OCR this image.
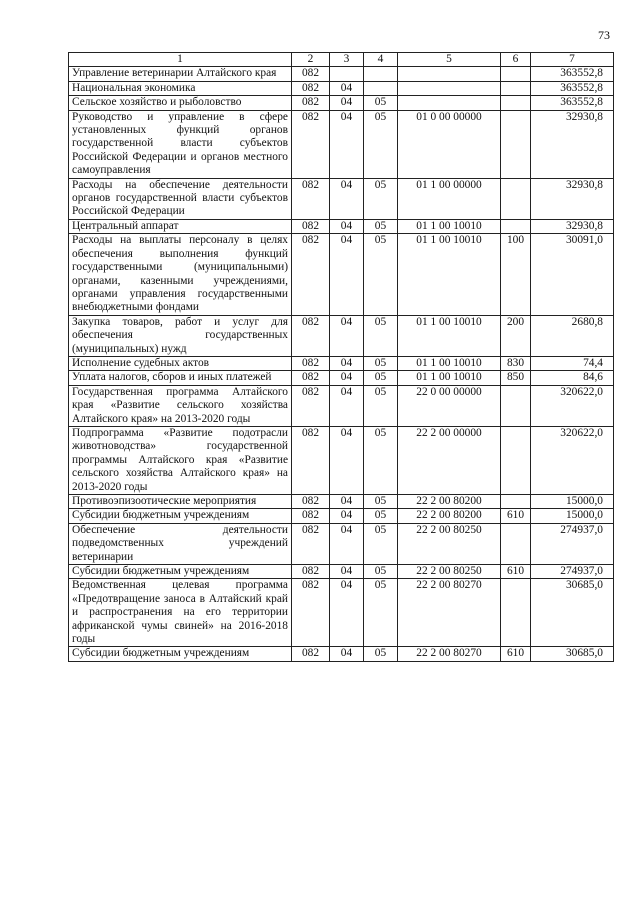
73
1	2	3	4	5	6	7
Управление ветеринарии Алтайского края	082					363552,8
Национальная экономика	082	04				363552,8
Сельское хозяйство и рыболовство	082	04	05			363552,8
Руководство и управление в сфере установленных функций органов государственной власти субъектов Российской Федерации и органов местного самоуправления	082	04	05	01 0 00 00000		32930,8
Расходы на обеспечение деятельности органов государственной власти субъектов Российской Федерации	082	04	05	01 1 00 00000		32930,8
Центральный аппарат	082	04	05	01 1 00 10010		32930,8
Расходы на выплаты персоналу в целях обеспечения выполнения функций государственными (муниципальными) органами, казенными учреждениями, органами управления государственными внебюджетными фондами	082	04	05	01 1 00 10010	100	30091,0
Закупка товаров, работ и услуг для обеспечения государственных (муниципальных) нужд	082	04	05	01 1 00 10010	200	2680,8
Исполнение судебных актов	082	04	05	01 1 00 10010	830	74,4
Уплата налогов, сборов и иных платежей	082	04	05	01 1 00 10010	850	84,6
Государственная программа Алтайского края «Развитие сельского хозяйства Алтайского края» на 2013-2020 годы	082	04	05	22 0 00 00000		320622,0
Подпрограмма «Развитие подотрасли животноводства» государственной программы Алтайского края «Развитие сельского хозяйства Алтайского края» на 2013-2020 годы	082	04	05	22 2 00 00000		320622,0
Противоэпизоотические мероприятия	082	04	05	22 2 00 80200		15000,0
Субсидии бюджетным учреждениям	082	04	05	22 2 00 80200	610	15000,0
Обеспечение деятельности подведомственных учреждений ветеринарии	082	04	05	22 2 00 80250		274937,0
Субсидии бюджетным учреждениям	082	04	05	22 2 00 80250	610	274937,0
Ведомственная целевая программа «Предотвращение заноса в Алтайский край и распространения на его территории африканской чумы свиней» на 2016-2018 годы	082	04	05	22 2 00 80270		30685,0
Субсидии бюджетным учреждениям	082	04	05	22 2 00 80270	610	30685,0
